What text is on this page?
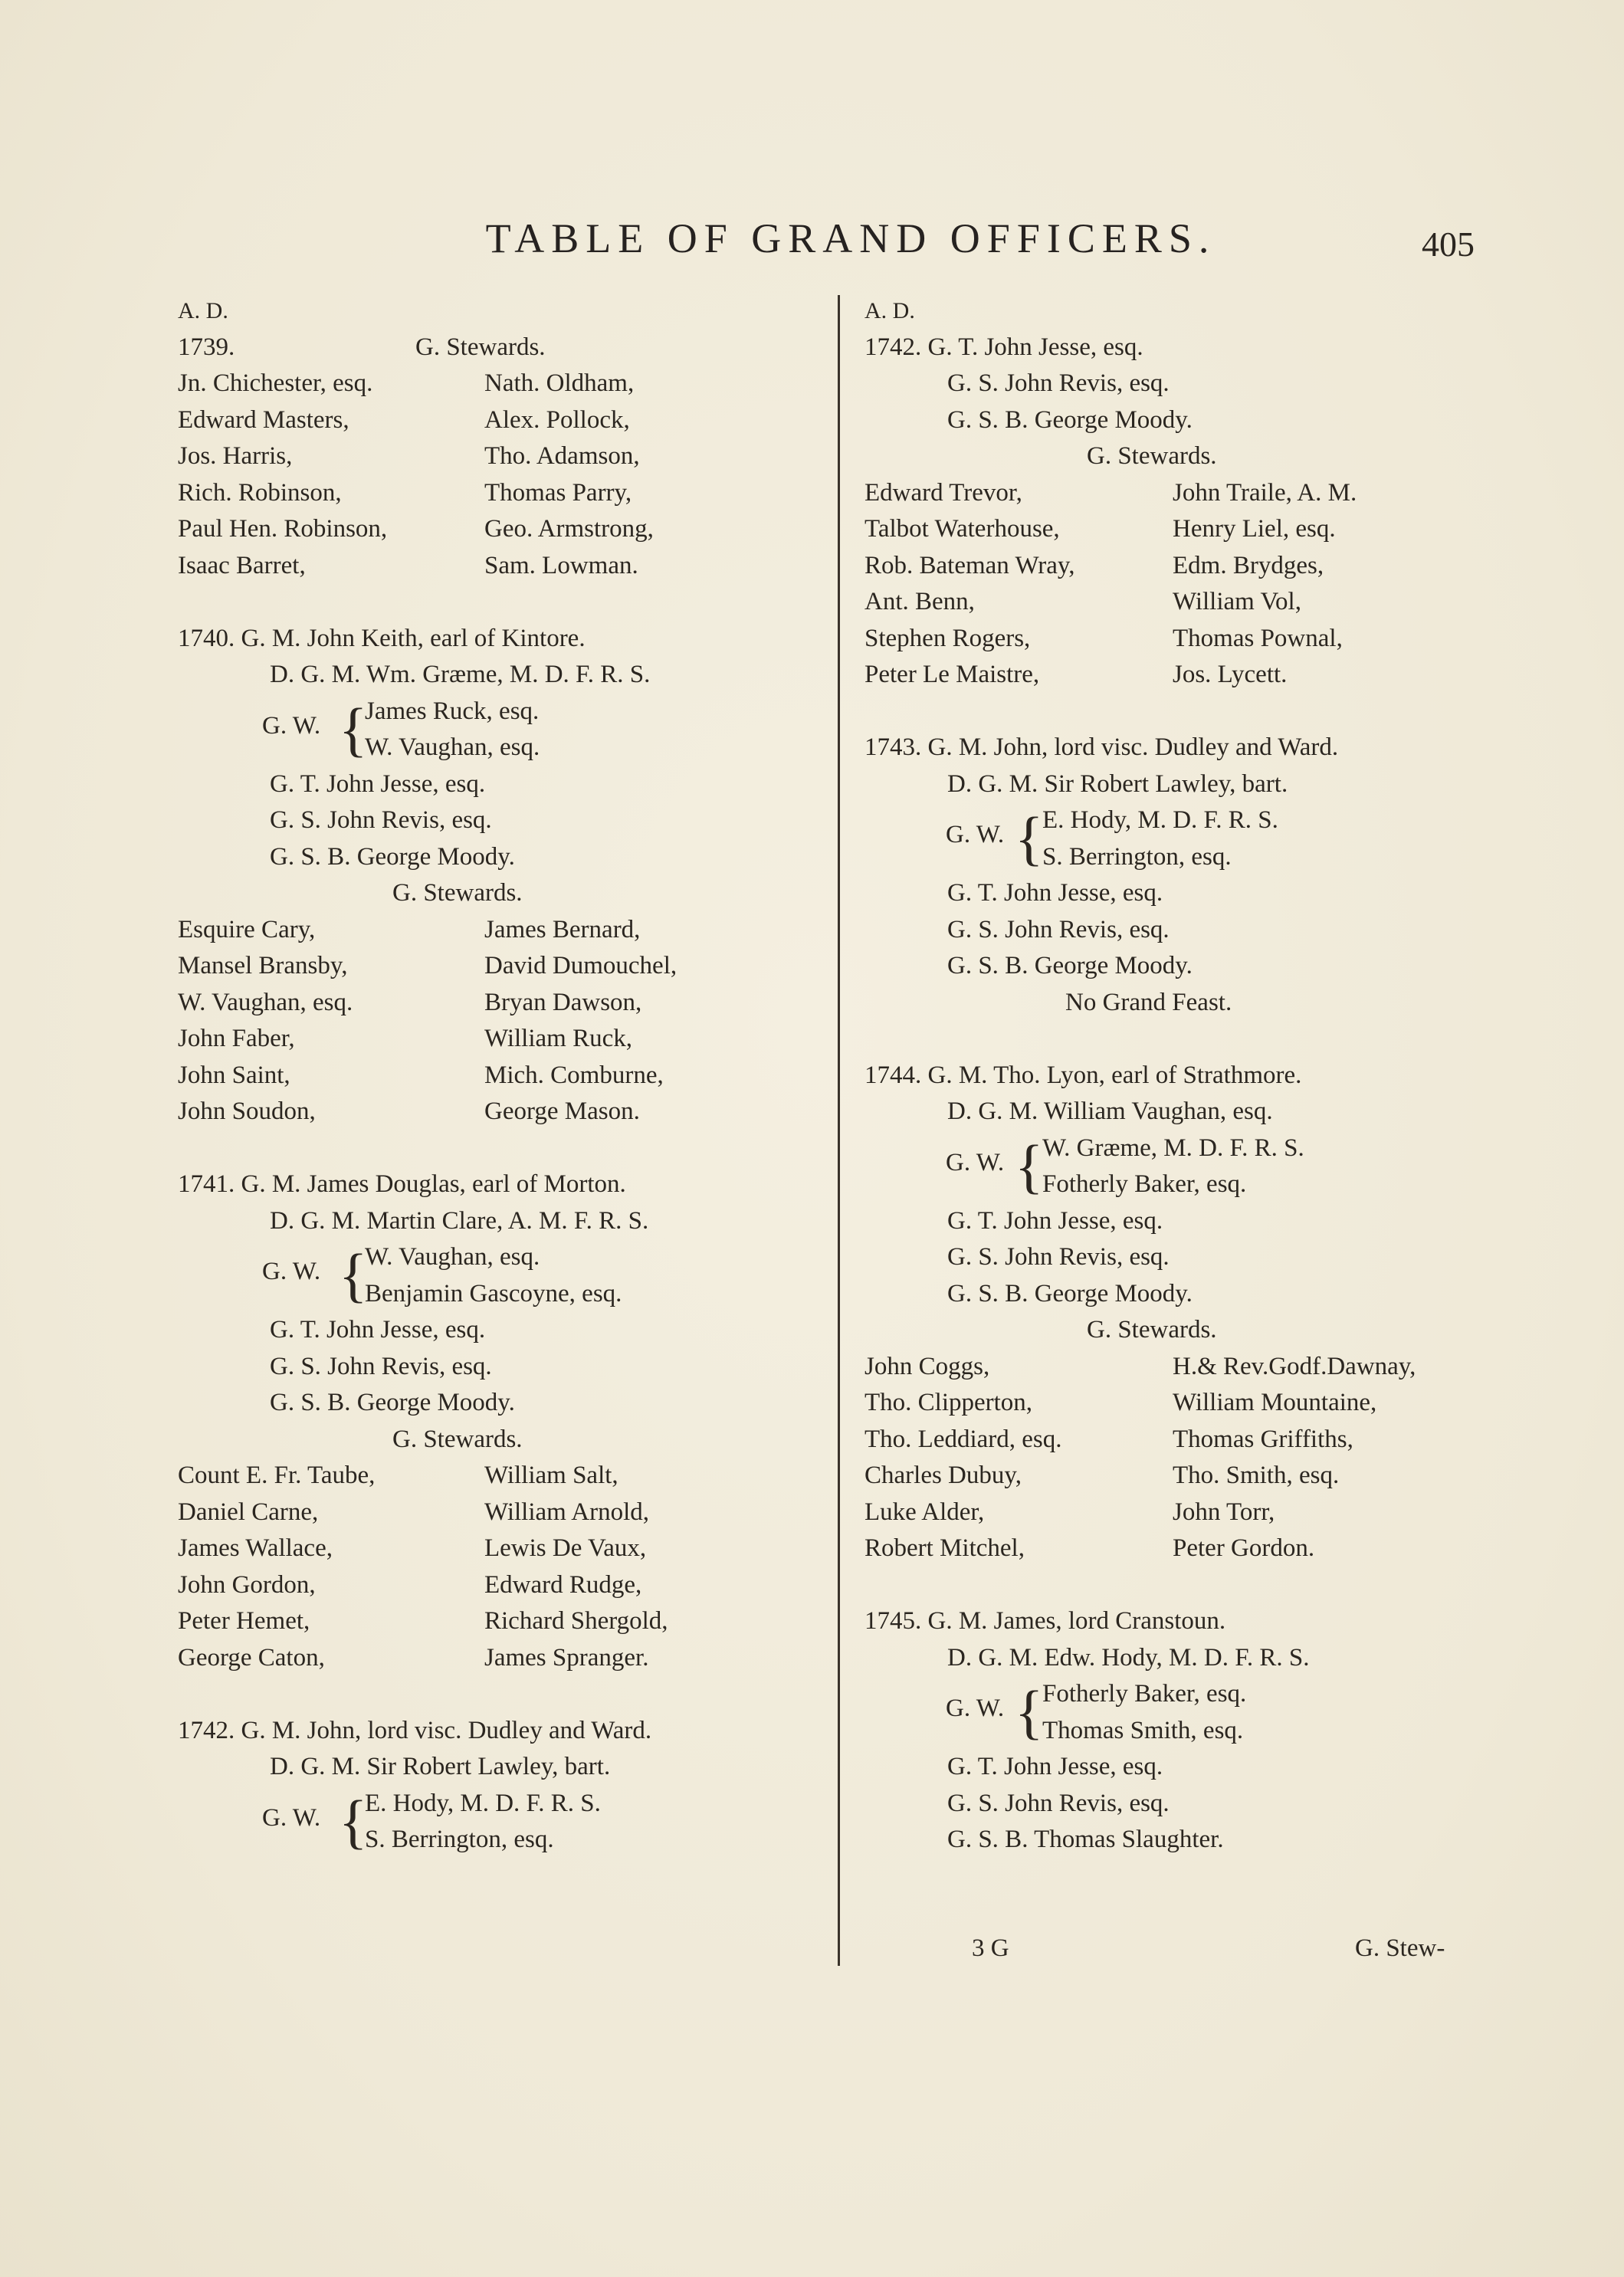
TABLE OF GRAND OFFICERS.	405
A. D.
1739.	G. Stewards.
Jn. Chichester, esq.	Nath. Oldham,
Edward Masters,	Alex. Pollock,
Jos. Harris,	Tho. Adamson,
Rich. Robinson,	Thomas Parry,
Paul Hen. Robinson,	Geo. Armstrong,
Isaac Barret,	Sam. Lowman.
1740. G. M. John Keith, earl of Kintore.
D. G. M. Wm. Græme, M. D. F. R. S.
G. W. {
James Ruck, esq.
W. Vaughan, esq.
G. T. John Jesse, esq.
G. S. John Revis, esq.
G. S. B. George Moody.
G. Stewards.
Esquire Cary,	James Bernard,
Mansel Bransby,	David Dumouchel,
W. Vaughan, esq.	Bryan Dawson,
John Faber,	William Ruck,
John Saint,	Mich. Comburne,
John Soudon,	George Mason.
1741. G. M. James Douglas, earl of Morton.
D. G. M. Martin Clare, A. M. F. R. S.
G. W. {
W. Vaughan, esq.
Benjamin Gascoyne, esq.
G. T. John Jesse, esq.
G. S. John Revis, esq.
G. S. B. George Moody.
G. Stewards.
Count E. Fr. Taube,	William Salt,
Daniel Carne,	William Arnold,
James Wallace,	Lewis De Vaux,
John Gordon,	Edward Rudge,
Peter Hemet,	Richard Shergold,
George Caton,	James Spranger.
1742. G. M. John, lord visc. Dudley and Ward.
D. G. M. Sir Robert Lawley, bart.
G. W. {
E. Hody, M. D. F. R. S.
S. Berrington, esq.
A. D.
1742. G. T. John Jesse, esq.
G. S. John Revis, esq.
G. S. B. George Moody.
G. Stewards.
Edward Trevor,	John Traile, A. M.
Talbot Waterhouse,	Henry Liel, esq.
Rob. Bateman Wray,	Edm. Brydges,
Ant. Benn,	William Vol,
Stephen Rogers,	Thomas Pownal,
Peter Le Maistre,	Jos. Lycett.
1743. G. M. John, lord visc. Dudley and Ward.
D. G. M. Sir Robert Lawley, bart.
G. W. {
E. Hody, M. D. F. R. S.
S. Berrington, esq.
G. T. John Jesse, esq.
G. S. John Revis, esq.
G. S. B. George Moody.
No Grand Feast.
1744. G. M. Tho. Lyon, earl of Strathmore.
D. G. M. William Vaughan, esq.
G. W. {
W. Græme, M. D. F. R. S.
Fotherly Baker, esq.
G. T. John Jesse, esq.
G. S. John Revis, esq.
G. S. B. George Moody.
G. Stewards.
John Coggs,	H.& Rev.Godf.Dawnay,
Tho. Clipperton,	William Mountaine,
Tho. Leddiard, esq.	Thomas Griffiths,
Charles Dubuy,	Tho. Smith, esq.
Luke Alder,	John Torr,
Robert Mitchel,	Peter Gordon.
1745. G. M. James, lord Cranstoun.
D. G. M. Edw. Hody, M. D. F. R. S.
G. W. {
Fotherly Baker, esq.
Thomas Smith, esq.
G. T. John Jesse, esq.
G. S. John Revis, esq.
G. S. B. Thomas Slaughter.
3 G	G. Stew-
